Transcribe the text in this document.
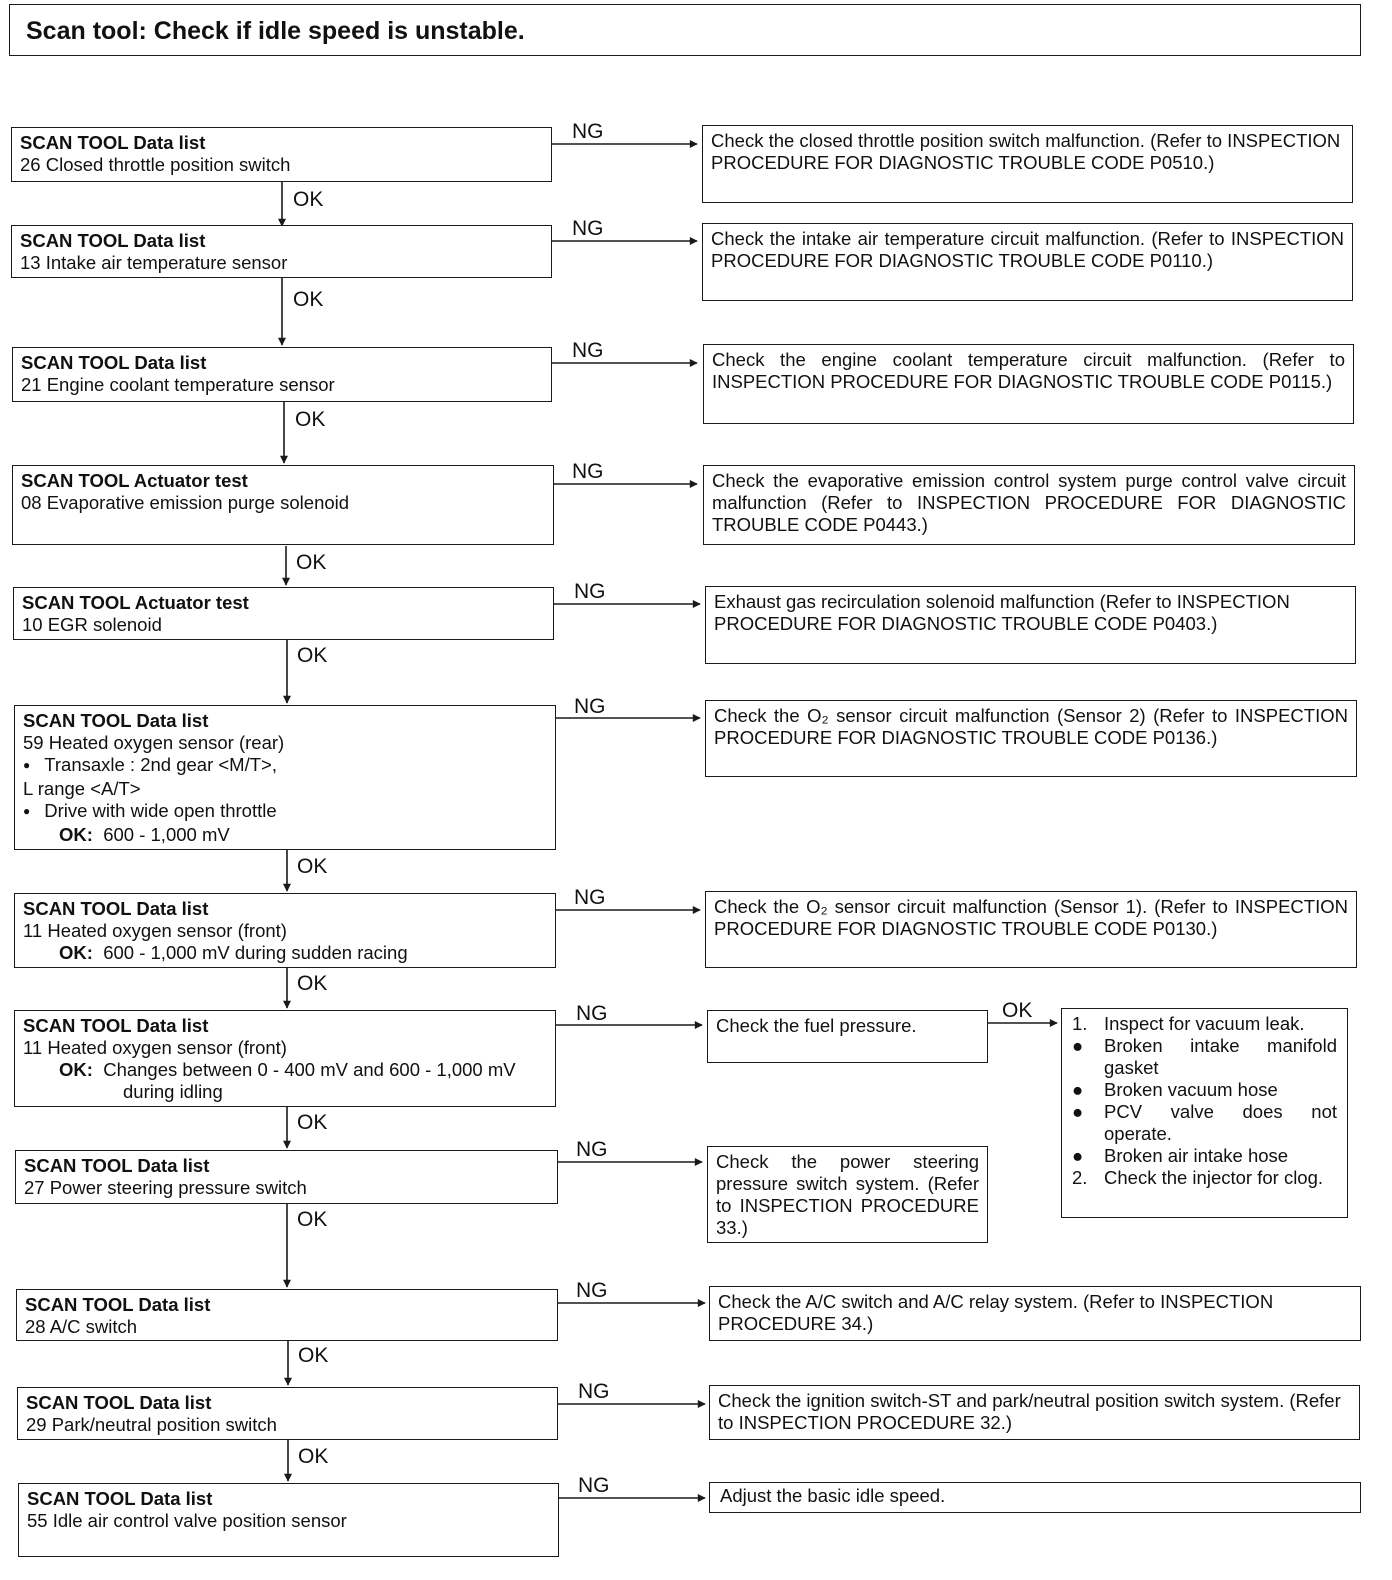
Scan tool: Check if idle speed is unstable.
NG
NG
NG
NG
NG
NG
NG
NG
NG
NG
NG
NG
OK
OK
OK
OK
OK
OK
OK
OK
OK
OK
OK
OK
SCAN TOOL Data list
26 Closed throttle position switch
Check the closed throttle position switch malfunction. (Refer to INSPECTION PROCEDURE FOR DIAGNOSTIC TROUBLE CODE P0510.)
SCAN TOOL Data list
13 Intake air temperature sensor
Check the intake air temperature circuit malfunction. (Refer to INSPECTION PROCEDURE FOR DIAGNOSTIC TROUBLE CODE P0110.)
SCAN TOOL Data list
21 Engine coolant temperature sensor
Check the engine coolant temperature circuit malfunction. (Refer to INSPECTION PROCEDURE FOR DIAGNOSTIC TROUBLE CODE P0115.)
SCAN TOOL Actuator test
08 Evaporative emission purge solenoid
Check the evaporative emission control system purge control valve circuit malfunction (Refer to INSPECTION PROCEDURE FOR DIAGNOSTIC TROUBLE CODE P0443.)
SCAN TOOL Actuator test
10 EGR solenoid
Exhaust gas recirculation solenoid malfunction (Refer to INSPECTION PROCEDURE FOR DIAGNOSTIC TROUBLE CODE P0403.)
SCAN TOOL Data list
59 Heated oxygen sensor (rear)
● Transaxle : 2nd gear <M/T>,
L range <A/T>
● Drive with wide open throttle
OK: 600 - 1,000 mV
Check the O₂ sensor circuit malfunction (Sensor 2) (Refer to INSPECTION PROCEDURE FOR DIAGNOSTIC TROUBLE CODE P0136.)
SCAN TOOL Data list
11 Heated oxygen sensor (front)
OK: 600 - 1,000 mV during sudden racing
Check the O₂ sensor circuit malfunction (Sensor 1). (Refer to INSPECTION PROCEDURE FOR DIAGNOSTIC TROUBLE CODE P0130.)
SCAN TOOL Data list
11 Heated oxygen sensor (front)
OK: Changes between 0 - 400 mV and 600 - 1,000 mV
during idling
Check the fuel pressure.	1. Inspect for vacuum leak.
●	Broken intake manifold gasket
●	Broken vacuum hose
●	PCV valve does not operate.
●	Broken air intake hose
2. Check the injector for clog.
SCAN TOOL Data list
27 Power steering pressure switch
Check the power steering pressure switch system. (Refer to INSPECTION PROCEDURE 33.)
SCAN TOOL Data list
28 A/C switch
Check the A/C switch and A/C relay system. (Refer to INSPECTION PROCEDURE 34.)
SCAN TOOL Data list
29 Park/neutral position switch
Check the ignition switch-ST and park/neutral position switch system. (Refer to INSPECTION PROCEDURE 32.)
SCAN TOOL Data list
55 Idle air control valve position sensor
Adjust the basic idle speed.
